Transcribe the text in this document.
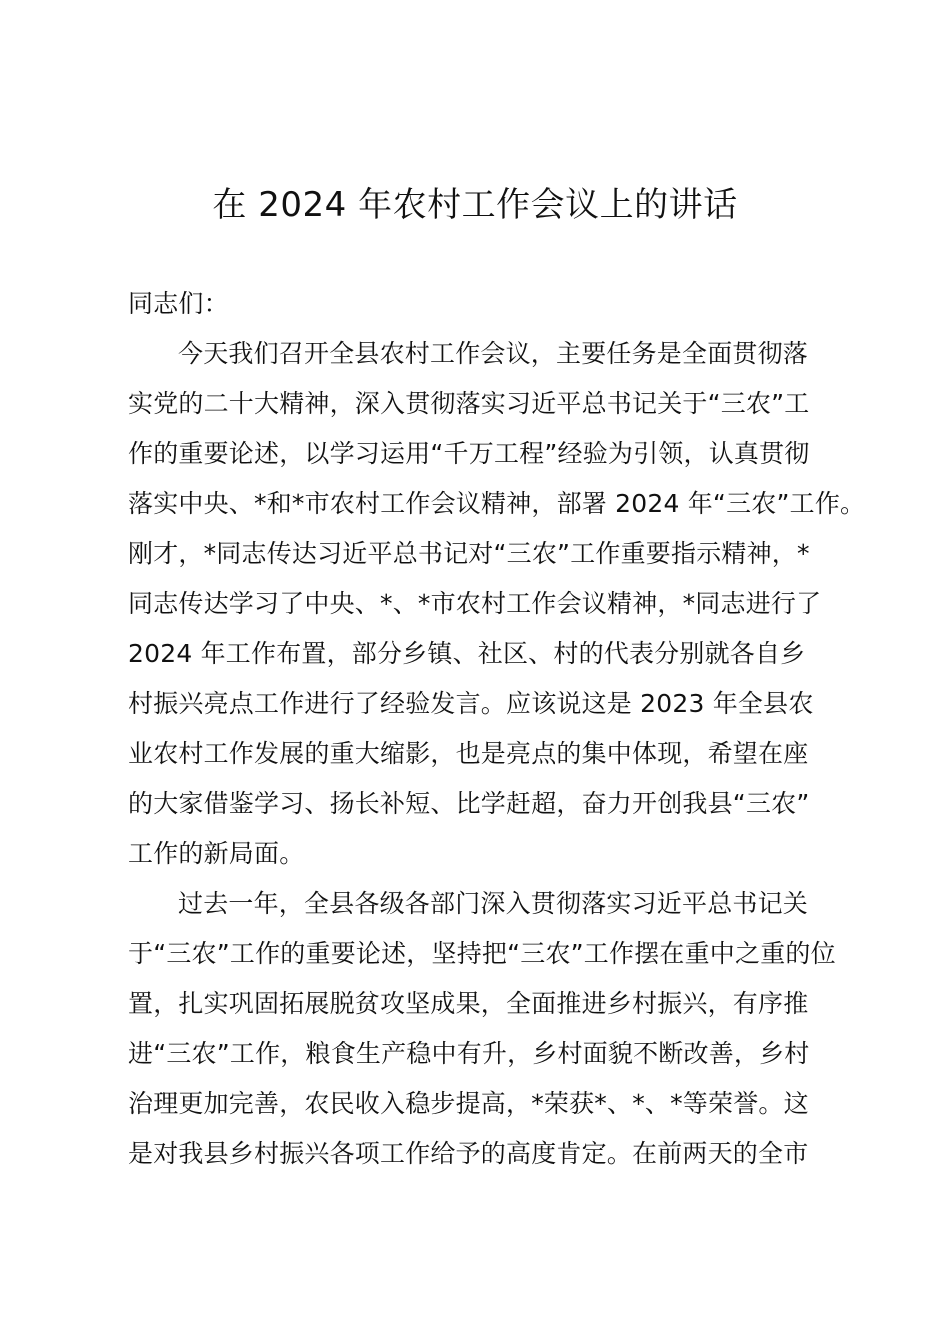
在 2024 年农村工作会议上的讲话

同志们：

今天我们召开全县农村工作会议，主要任务是全面贯彻落

实党的二十大精神，深入贯彻落实习近平总书记关于“三农”工

作的重要论述，以学习运用“千万工程”经验为引领，认真贯彻

落实中央、*和*市农村工作会议精神，部署 2024 年“三农”工作。

刚才，*同志传达习近平总书记对“三农”工作重要指示精神，*

同志传达学习了中央、*、*市农村工作会议精神，*同志进行了

2024 年工作布置，部分乡镇、社区、村的代表分别就各自乡

村振兴亮点工作进行了经验发言。应该说这是 2023 年全县农

业农村工作发展的重大缩影，也是亮点的集中体现，希望在座

的大家借鉴学习、扬长补短、比学赶超，奋力开创我县“三农”

工作的新局面。

过去一年，全县各级各部门深入贯彻落实习近平总书记关

于“三农”工作的重要论述，坚持把“三农”工作摆在重中之重的位

置，扎实巩固拓展脱贫攻坚成果，全面推进乡村振兴，有序推

进“三农”工作，粮食生产稳中有升，乡村面貌不断改善，乡村

治理更加完善，农民收入稳步提高，*荣获*、*、*等荣誉。这

是对我县乡村振兴各项工作给予的高度肯定。在前两天的全市
